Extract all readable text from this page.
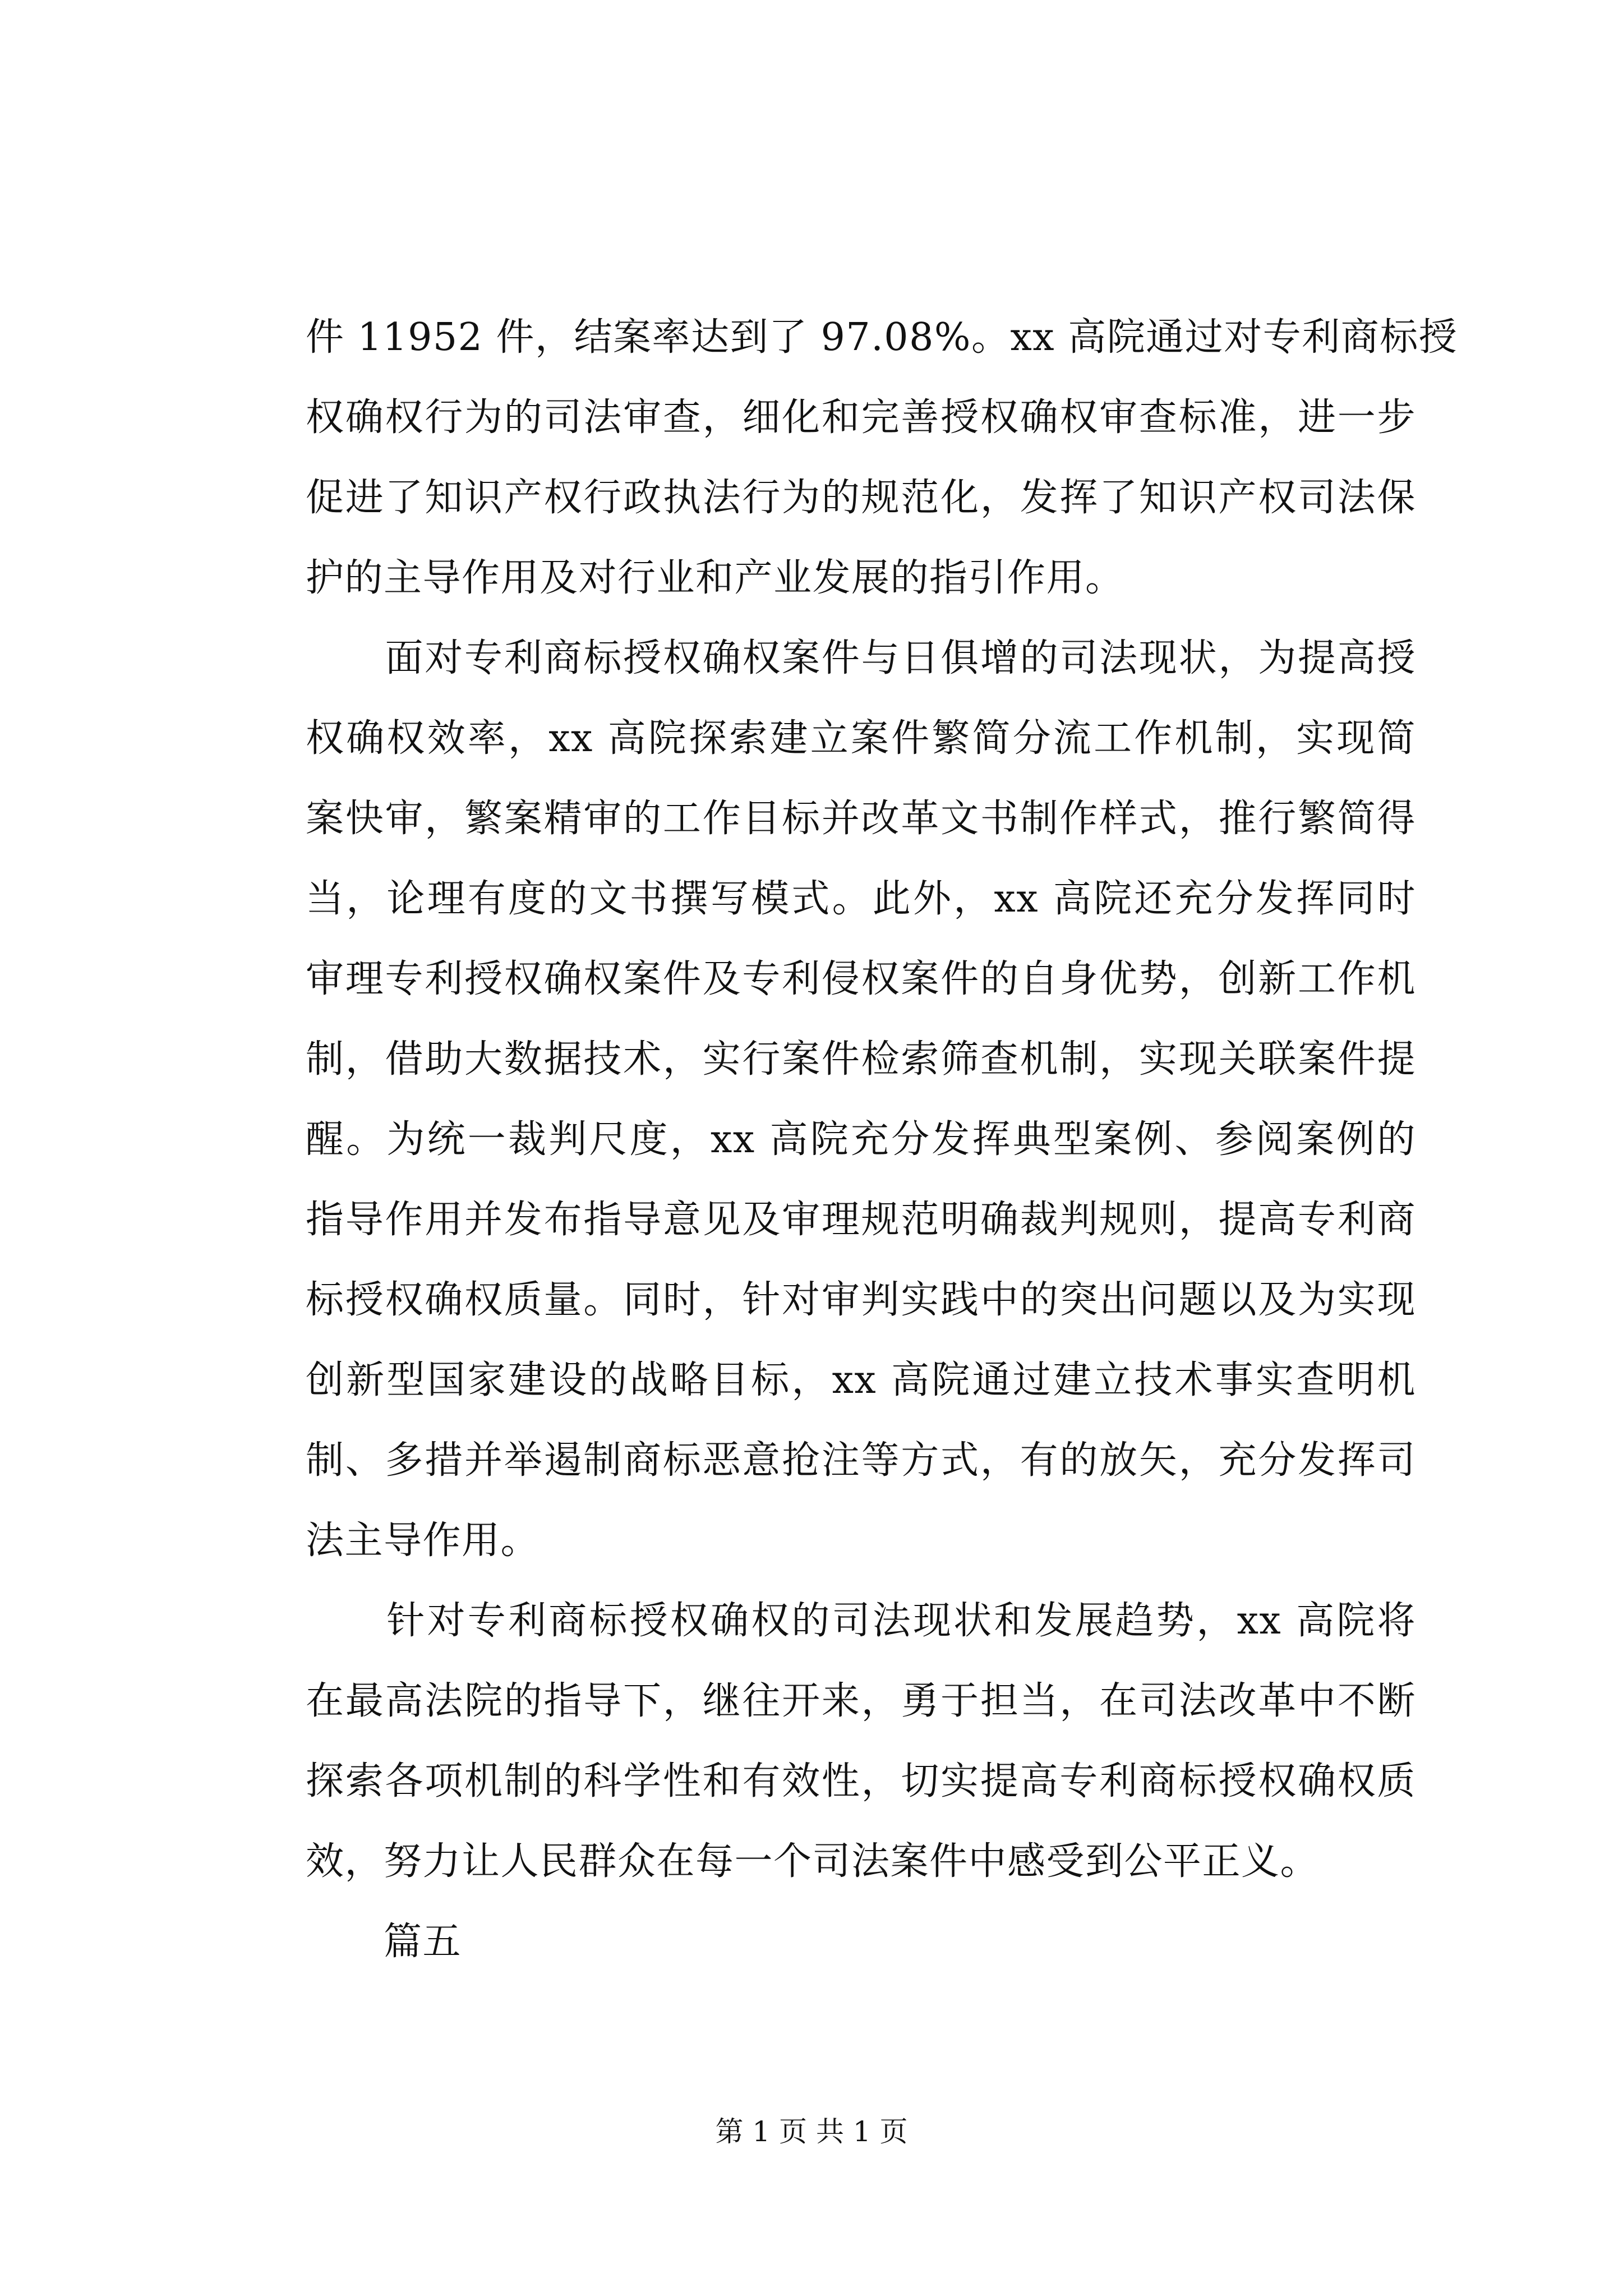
件 11952 件，结案率达到了 97.08%。xx 高院通过对专利商标授
权确权行为的司法审查，细化和完善授权确权审查标准，进一步
促进了知识产权行政执法行为的规范化，发挥了知识产权司法保
护的主导作用及对行业和产业发展的指引作用。
　　面对专利商标授权确权案件与日俱增的司法现状，为提高授
权确权效率，xx 高院探索建立案件繁简分流工作机制，实现简
案快审，繁案精审的工作目标并改革文书制作样式，推行繁简得
当，论理有度的文书撰写模式。此外，xx 高院还充分发挥同时
审理专利授权确权案件及专利侵权案件的自身优势，创新工作机
制，借助大数据技术，实行案件检索筛查机制，实现关联案件提
醒。为统一裁判尺度，xx 高院充分发挥典型案例、参阅案例的
指导作用并发布指导意见及审理规范明确裁判规则，提高专利商
标授权确权质量。同时，针对审判实践中的突出问题以及为实现
创新型国家建设的战略目标，xx 高院通过建立技术事实查明机
制、多措并举遏制商标恶意抢注等方式，有的放矢，充分发挥司
法主导作用。
　　针对专利商标授权确权的司法现状和发展趋势，xx 高院将
在最高法院的指导下，继往开来，勇于担当，在司法改革中不断
探索各项机制的科学性和有效性，切实提高专利商标授权确权质
效，努力让人民群众在每一个司法案件中感受到公平正义。
　　篇五
第 1 页 共 1 页
